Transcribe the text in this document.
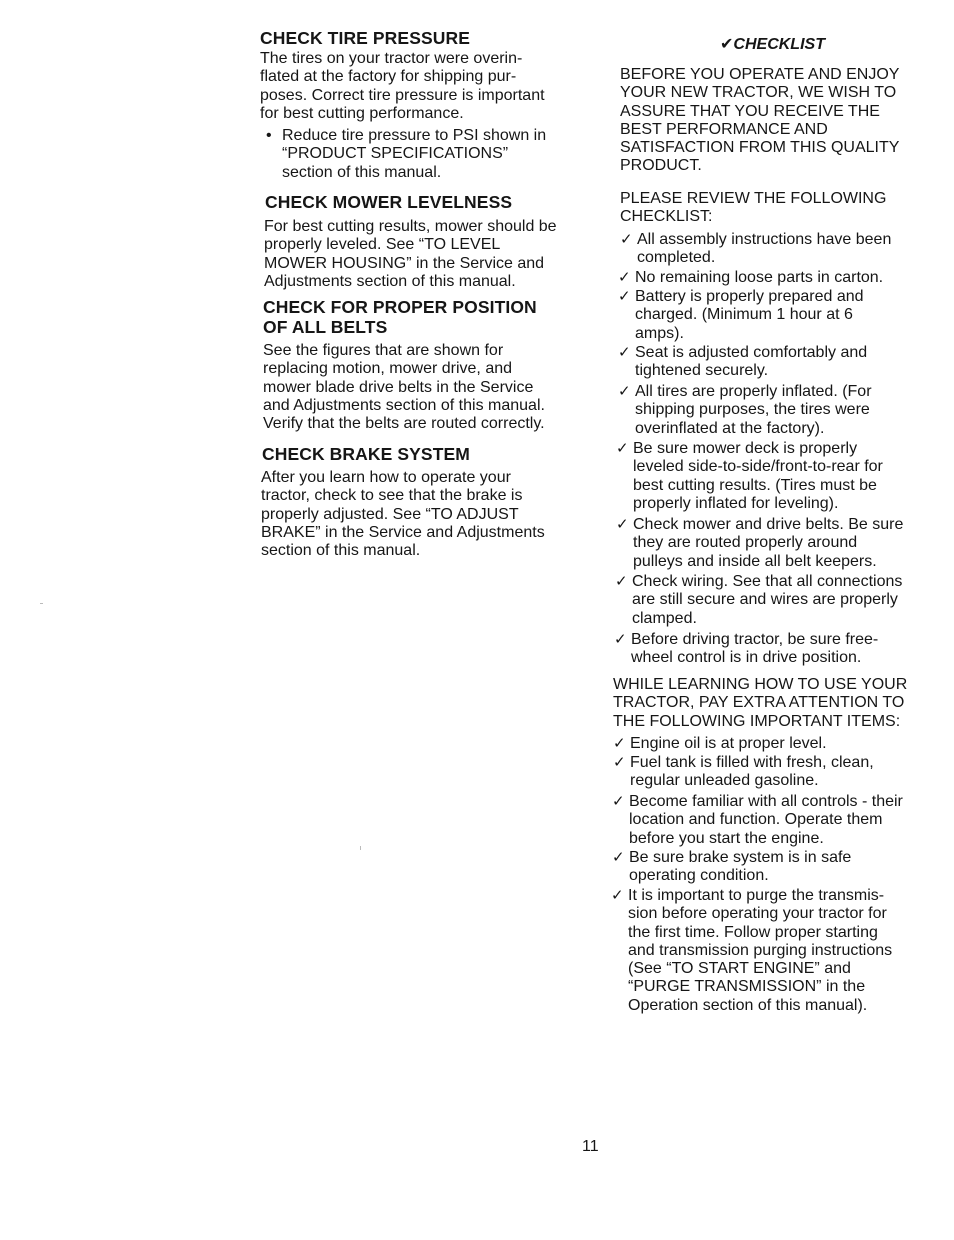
CHECK TIRE PRESSURE

The tires on your tractor were overin-
flated at the factory for shipping pur-
poses. Correct tire pressure is important
for best cutting performance.

• Reduce tire pressure to PSI shown in
“PRODUCT SPECIFICATIONS”
section of this manual.

CHECK MOWER LEVELNESS

For best cutting results, mower should be
properly leveled. See “TO LEVEL
MOWER HOUSING” in the Service and
Adjustments section of this manual.

CHECK FOR PROPER POSITION
OF ALL BELTS

See the figures that are shown for
replacing motion, mower drive, and
mower blade drive belts in the Service
and Adjustments section of this manual.
Verify that the belts are routed correctly.

CHECK BRAKE SYSTEM

After you learn how to operate your
tractor, check to see that the brake is
properly adjusted. See “TO ADJUST
BRAKE” in the Service and Adjustments
section of this manual.

✔CHECKLIST

BEFORE YOU OPERATE AND ENJOY
YOUR NEW TRACTOR, WE WISH TO
ASSURE THAT YOU RECEIVE THE
BEST PERFORMANCE AND
SATISFACTION FROM THIS QUALITY
PRODUCT.

PLEASE REVIEW THE FOLLOWING
CHECKLIST:

✓ All assembly instructions have been
completed.

✓ No remaining loose parts in carton.

✓ Battery is properly prepared and
charged. (Minimum 1 hour at 6
amps).

✓ Seat is adjusted comfortably and
tightened securely.

✓ All tires are properly inflated. (For
shipping purposes, the tires were
overinflated at the factory).

✓ Be sure mower deck is properly
leveled side-to-side/front-to-rear for
best cutting results. (Tires must be
properly inflated for leveling).

✓ Check mower and drive belts. Be sure
they are routed properly around
pulleys and inside all belt keepers.

✓ Check wiring. See that all connections
are still secure and wires are properly
clamped.

✓ Before driving tractor, be sure free-
wheel control is in drive position.

WHILE LEARNING HOW TO USE YOUR
TRACTOR, PAY EXTRA ATTENTION TO
THE FOLLOWING IMPORTANT ITEMS:

✓ Engine oil is at proper level.

✓ Fuel tank is filled with fresh, clean,
regular unleaded gasoline.

✓ Become familiar with all controls - their
location and function. Operate them
before you start the engine.

✓ Be sure brake system is in safe
operating condition.

✓ It is important to purge the transmis-
sion before operating your tractor for
the first time. Follow proper starting
and transmission purging instructions
(See “TO START ENGINE” and
“PURGE TRANSMISSION” in the
Operation section of this manual).

11
